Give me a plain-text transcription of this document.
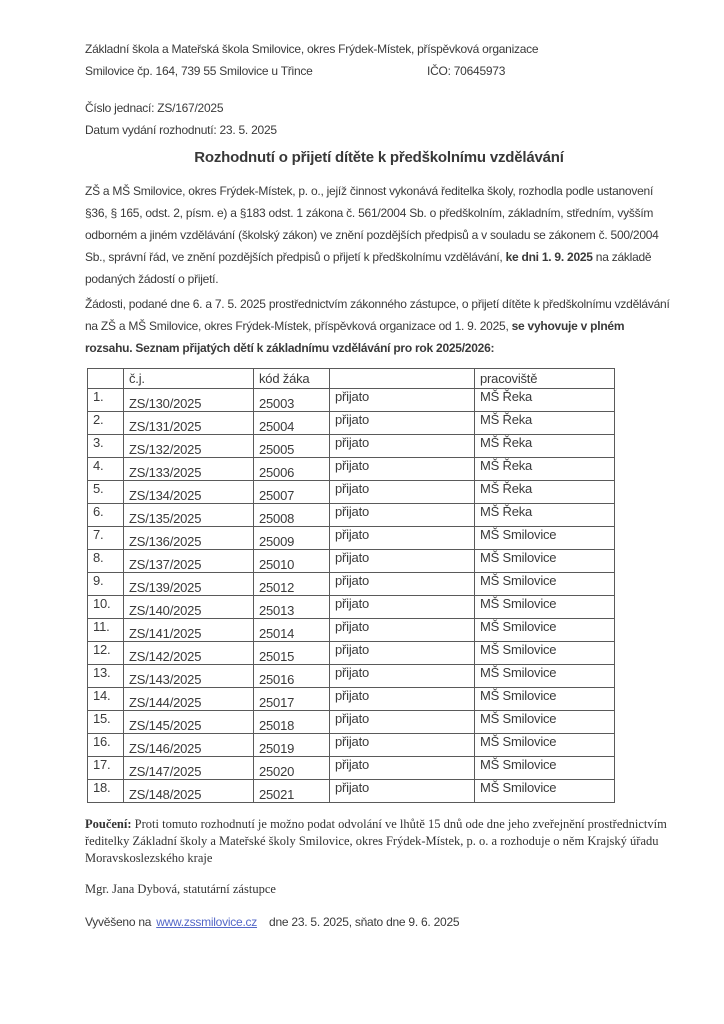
Základní škola a Mateřská škola Smilovice, okres Frýdek-Místek, příspěvková organizace
Smilovice čp. 164, 739 55 Smilovice u Třince	IČO: 70645973
Číslo jednací: ZS/167/2025
Datum vydání rozhodnutí: 23. 5. 2025
Rozhodnutí o přijetí dítěte k předškolnímu vzdělávání
ZŠ a MŠ Smilovice, okres Frýdek-Místek, p. o., jejíž činnost vykonává ředitelka školy, rozhodla podle ustanovení §36, § 165, odst. 2, písm. e) a §183 odst. 1 zákona č. 561/2004 Sb. o předškolním, základním, středním, vyšším odborném a jiném vzdělávání (školský zákon) ve znění pozdějších předpisů a v souladu se zákonem č. 500/2004 Sb., správní řád, ve znění pozdějších předpisů o přijetí k předškolnímu vzdělávání, ke dni 1. 9. 2025 na základě podaných žádostí o přijetí.
Žádosti, podané dne 6. a 7. 5. 2025 prostřednictvím zákonného zástupce, o přijetí dítěte k předškolnímu vzdělávání na ZŠ a MŠ Smilovice, okres Frýdek-Místek, příspěvková organizace od 1. 9. 2025, se vyhovuje v plném rozsahu. Seznam přijatých dětí k základnímu vzdělávání pro rok 2025/2026:
	č.j.	kód žáka		pracoviště
1.	ZS/130/2025	25003	přijato	MŠ Řeka
2.	ZS/131/2025	25004	přijato	MŠ Řeka
3.	ZS/132/2025	25005	přijato	MŠ Řeka
4.	ZS/133/2025	25006	přijato	MŠ Řeka
5.	ZS/134/2025	25007	přijato	MŠ Řeka
6.	ZS/135/2025	25008	přijato	MŠ Řeka
7.	ZS/136/2025	25009	přijato	MŠ Smilovice
8.	ZS/137/2025	25010	přijato	MŠ Smilovice
9.	ZS/139/2025	25012	přijato	MŠ Smilovice
10.	ZS/140/2025	25013	přijato	MŠ Smilovice
11.	ZS/141/2025	25014	přijato	MŠ Smilovice
12.	ZS/142/2025	25015	přijato	MŠ Smilovice
13.	ZS/143/2025	25016	přijato	MŠ Smilovice
14.	ZS/144/2025	25017	přijato	MŠ Smilovice
15.	ZS/145/2025	25018	přijato	MŠ Smilovice
16.	ZS/146/2025	25019	přijato	MŠ Smilovice
17.	ZS/147/2025	25020	přijato	MŠ Smilovice
18.	ZS/148/2025	25021	přijato	MŠ Smilovice
Poučení: Proti tomuto rozhodnutí je možno podat odvolání ve lhůtě 15 dnů ode dne jeho zveřejnění prostřednictvím ředitelky Základní školy a Mateřské školy Smilovice, okres Frýdek-Místek, p. o. a rozhoduje o něm Krajský úřadu Moravskoslezského kraje
Mgr. Jana Dybová, statutární zástupce
Vyvěšeno na www.zssmilovice.cz dne 23. 5. 2025, sňato dne 9. 6. 2025
